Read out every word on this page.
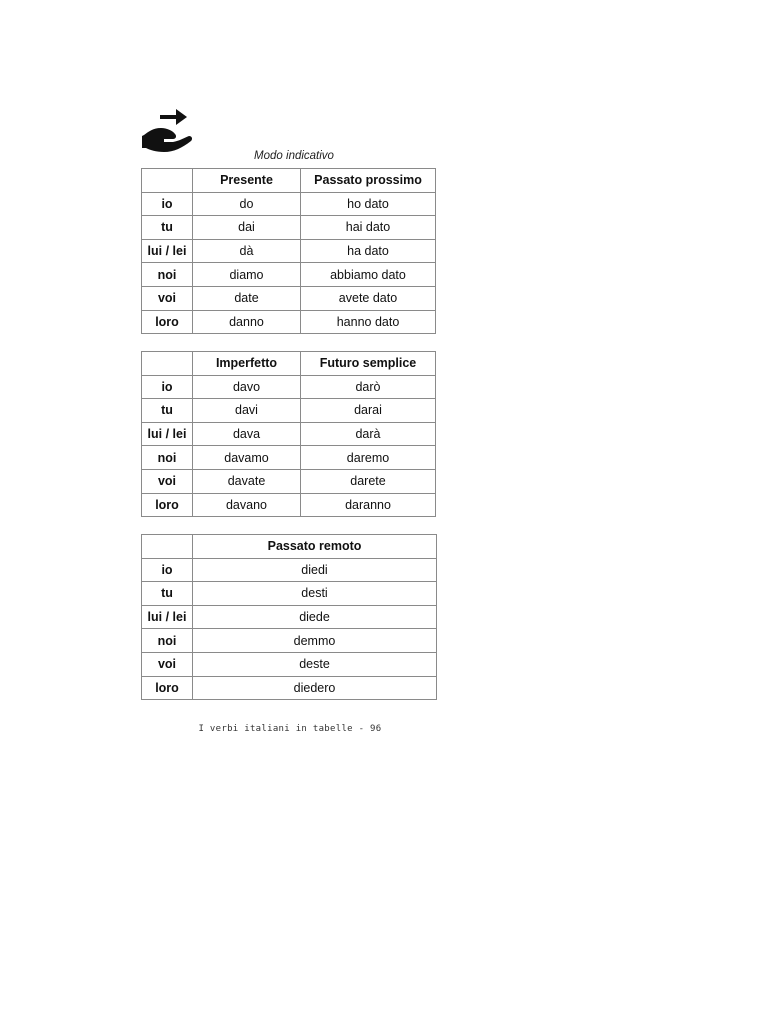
Modo indicativo
	Presente	Passato prossimo
io	do	ho dato
tu	dai	hai dato
lui / lei	dà	ha dato
noi	diamo	abbiamo dato
voi	date	avete dato
loro	danno	hanno dato
	Imperfetto	Futuro semplice
io	davo	darò
tu	davi	darai
lui / lei	dava	darà
noi	davamo	daremo
voi	davate	darete
loro	davano	daranno
	Passato remoto
io	diedi
tu	desti
lui / lei	diede
noi	demmo
voi	deste
loro	diedero
I verbi italiani in tabelle - 96
